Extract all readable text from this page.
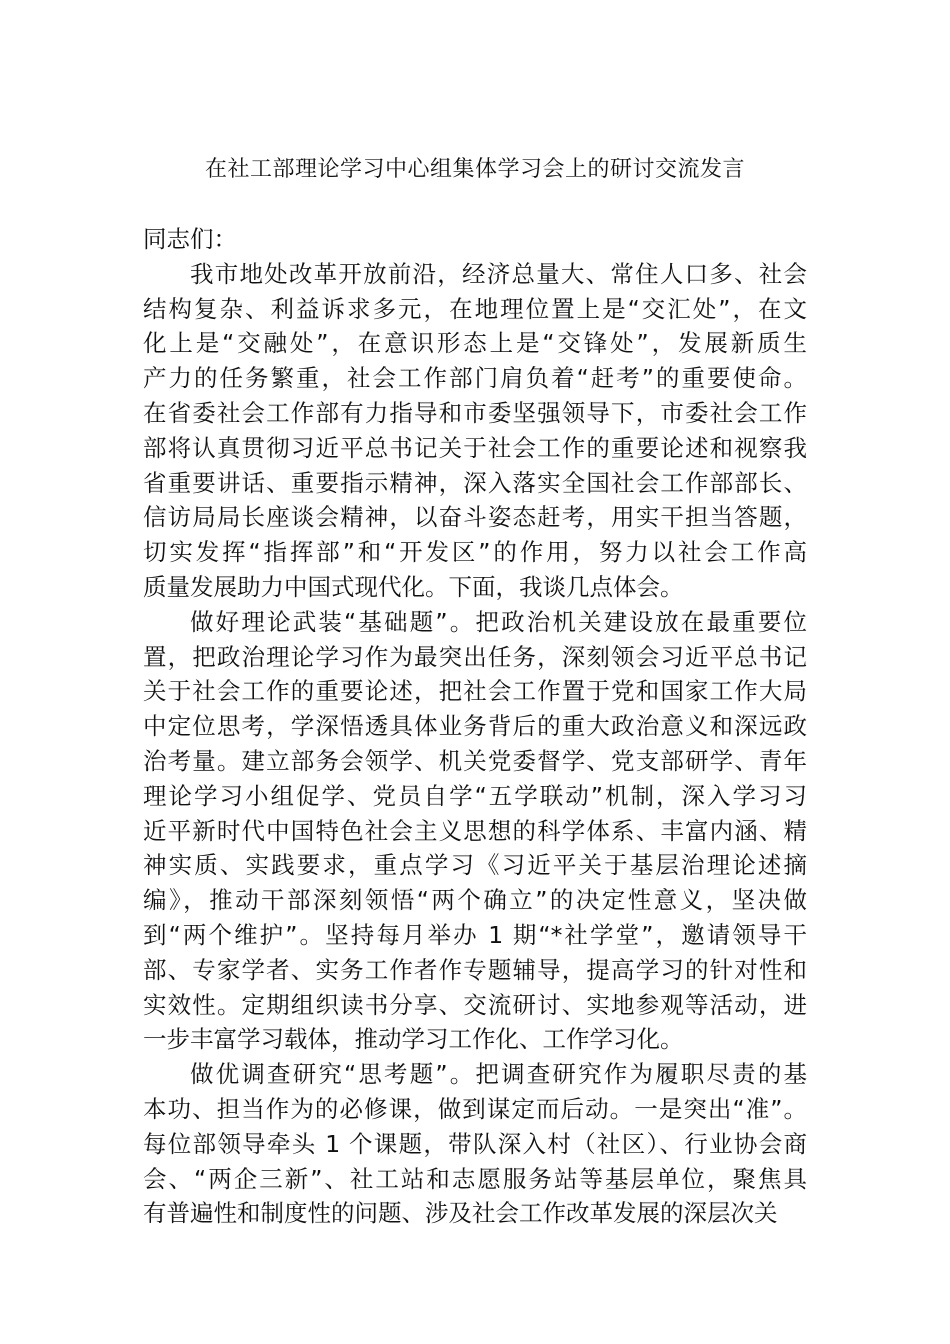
在社工部理论学习中心组集体学习会上的研讨交流发言

同志们：

我市地处改革开放前沿，经济总量大、常住人口多、社会
结构复杂、利益诉求多元，在地理位置上是“交汇处”，在文
化上是“交融处”，在意识形态上是“交锋处”，发展新质生
产力的任务繁重，社会工作部门肩负着“赶考”的重要使命。
在省委社会工作部有力指导和市委坚强领导下，市委社会工作
部将认真贯彻习近平总书记关于社会工作的重要论述和视察我
省重要讲话、重要指示精神，深入落实全国社会工作部部长、
信访局局长座谈会精神，以奋斗姿态赶考，用实干担当答题，
切实发挥“指挥部”和“开发区”的作用，努力以社会工作高
质量发展助力中国式现代化。下面，我谈几点体会。

做好理论武装“基础题”。把政治机关建设放在最重要位
置，把政治理论学习作为最突出任务，深刻领会习近平总书记
关于社会工作的重要论述，把社会工作置于党和国家工作大局
中定位思考，学深悟透具体业务背后的重大政治意义和深远政
治考量。建立部务会领学、机关党委督学、党支部研学、青年
理论学习小组促学、党员自学“五学联动”机制，深入学习习
近平新时代中国特色社会主义思想的科学体系、丰富内涵、精
神实质、实践要求，重点学习《习近平关于基层治理论述摘
编》，推动干部深刻领悟“两个确立”的决定性意义，坚决做
到“两个维护”。坚持每月举办 1 期“*社学堂”，邀请领导干
部、专家学者、实务工作者作专题辅导，提高学习的针对性和
实效性。定期组织读书分享、交流研讨、实地参观等活动，进
一步丰富学习载体，推动学习工作化、工作学习化。

做优调查研究“思考题”。把调查研究作为履职尽责的基
本功、担当作为的必修课，做到谋定而后动。一是突出“准”。
每位部领导牵头 1 个课题，带队深入村（社区）、行业协会商
会、“两企三新”、社工站和志愿服务站等基层单位，聚焦具
有普遍性和制度性的问题、涉及社会工作改革发展的深层次关
